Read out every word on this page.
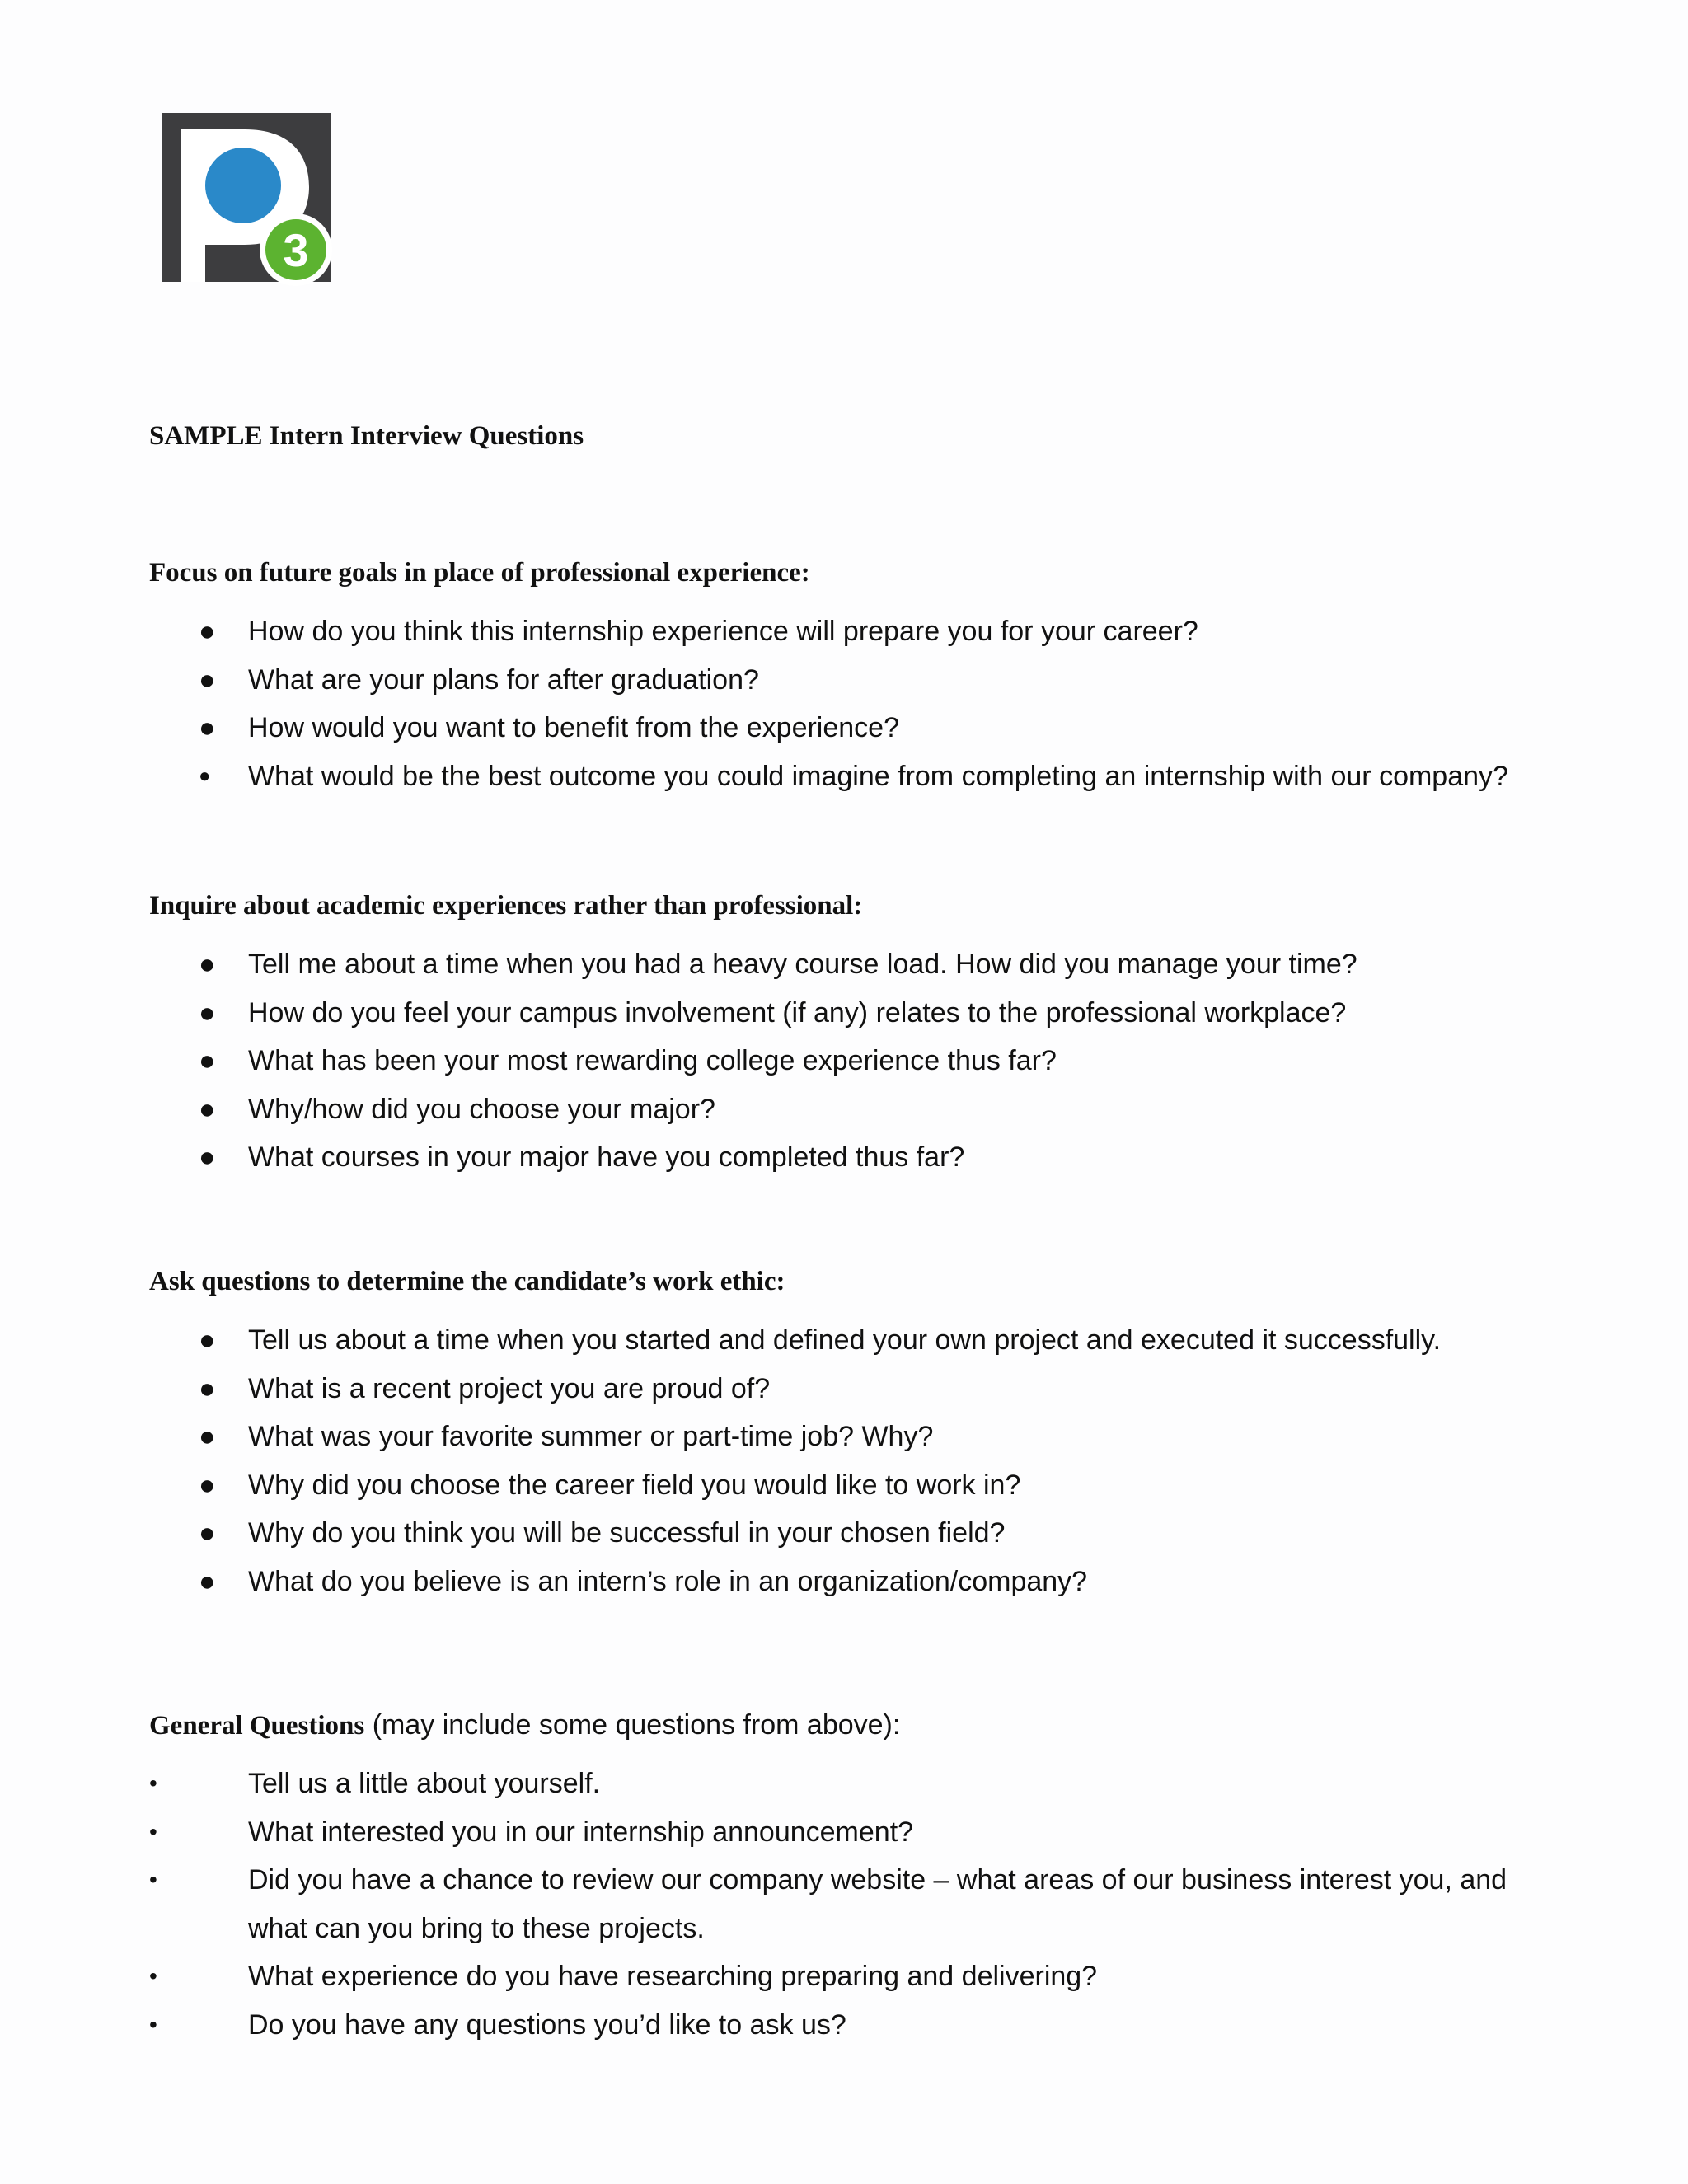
3
SAMPLE Intern Interview Questions
Focus on future goals in place of professional experience:
● How do you think this internship experience will prepare you for your career?
● What are your plans for after graduation?
● How would you want to benefit from the experience?
● What would be the best outcome you could imagine from completing an internship with our company?
Inquire about academic experiences rather than professional:
● Tell me about a time when you had a heavy course load. How did you manage your time?
● How do you feel your campus involvement (if any) relates to the professional workplace?
● What has been your most rewarding college experience thus far?
● Why/how did you choose your major?
● What courses in your major have you completed thus far?
Ask questions to determine the candidate’s work ethic:
● Tell us about a time when you started and defined your own project and executed it successfully.
● What is a recent project you are proud of?
● What was your favorite summer or part-time job? Why?
● Why did you choose the career field you would like to work in?
● Why do you think you will be successful in your chosen field?
● What do you believe is an intern’s role in an organization/company?
General Questions (may include some questions from above):
•	Tell us a little about yourself.
•	What interested you in our internship announcement?
•	Did you have a chance to review our company website – what areas of our business interest you, and what can you bring to these projects.
•	What experience do you have researching preparing and delivering?
•	Do you have any questions you’d like to ask us?
